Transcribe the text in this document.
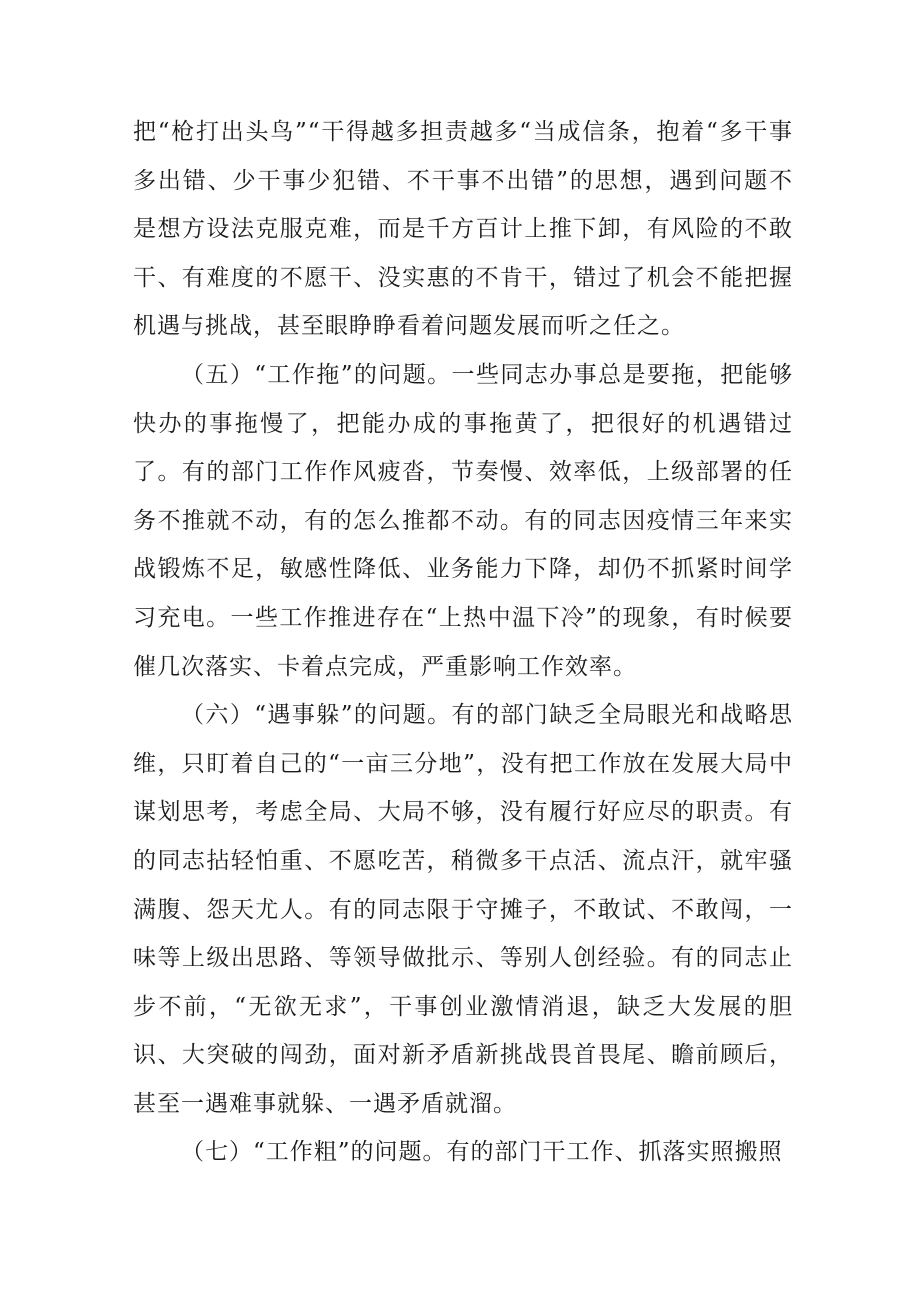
把“枪打出头鸟”“干得越多担责越多“当成信条，抱着“多干事多出错、少干事少犯错、不干事不出错”的思想，遇到问题不是想方设法克服克难，而是千方百计上推下卸，有风险的不敢干、有难度的不愿干、没实惠的不肯干，错过了机会不能把握机遇与挑战，甚至眼睁睁看着问题发展而听之任之。

（五）“工作拖”的问题。一些同志办事总是要拖，把能够快办的事拖慢了，把能办成的事拖黄了，把很好的机遇错过了。有的部门工作作风疲沓，节奏慢、效率低，上级部署的任务不推就不动，有的怎么推都不动。有的同志因疫情三年来实战锻炼不足，敏感性降低、业务能力下降，却仍不抓紧时间学习充电。一些工作推进存在“上热中温下冷”的现象，有时候要催几次落实、卡着点完成，严重影响工作效率。

（六）“遇事躲”的问题。有的部门缺乏全局眼光和战略思维，只盯着自己的“一亩三分地”，没有把工作放在发展大局中谋划思考，考虑全局、大局不够，没有履行好应尽的职责。有的同志拈轻怕重、不愿吃苦，稍微多干点活、流点汗，就牢骚满腹、怨天尤人。有的同志限于守摊子，不敢试、不敢闯，一味等上级出思路、等领导做批示、等别人创经验。有的同志止步不前，“无欲无求”，干事创业激情消退，缺乏大发展的胆识、大突破的闯劲，面对新矛盾新挑战畏首畏尾、瞻前顾后，甚至一遇难事就躲、一遇矛盾就溜。

（七）“工作粗”的问题。有的部门干工作、抓落实照搬照
